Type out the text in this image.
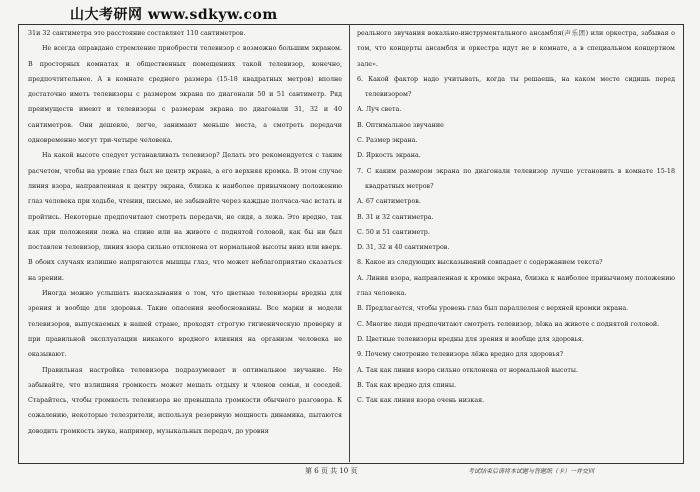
山大考研网 www.sdkyw.com

31и 32 сантиметра это расстояние составляет 110 сантиметров.

Не всегда оправдано стремление приобрести телевизор с возможно большим экраном. В просторных комнатах и общественных помещениях такой телевизор, конечно, предпочтительнее. А в комнате среднего размера (15-18 квадратных метров) вполне достаточно иметь телевизоры с размером экрана по диагонали 50 и 51 сантиметр. Ряд преимуществ имеют и телевизоры с размерам экрана по диагонали 31, 32 и 40 сантиметров. Они дешевле, легче, занимают меньше места, а смотреть передачи одновременно могут три-четыре человека.

На какой высоте следует устанавливать телевизор? Делать это рекомендуется с таким расчетом, чтобы на уровне глаз был не центр экрана, а его верхняя кромка. В этом случае линия взора, направленная к центру экрана, близка к наиболее привычному положению глаз человека при ходьбе, чтении, письме, не забывайте через каждые полчаса-час встать и пройтись. Некоторые предпочитают смотреть передачи, не сидя, а лежа. Это вредно, так как при положении лежа на спине или на животе с поднятой головой, как бы ни был поставлен телевизор, линия взора сильно отклонена от нормальной высоты вниз или вверх. В обоих случаях излишне напрягаются мышцы глаз, что может неблагоприятно сказаться на зрении.

Иногда можно услышать высказывания о том, что цветные телевизоры вредны для зрения и вообще для здоровья. Такие опасения необоснованны. Все марки и модели телевизоров, выпускаемых в нашей стране, проходят строгую гигиеническую проверку и при правильной эксплуатации никакого вредного влияния на организм человека не оказывают.

Правильная настройка телевизора подразумевает и оптимальное звучание. Не забывайте, что излишняя громкость может мешать отдыху и членов семьи, и соседей. Старайтесь, чтобы громкость телевизора не превышала громкости обычного разговора. К сожалению, некоторые телезрители, используя резервную мощность динамика, пытаются доводить громкость звука, например, музыкальных передач, до уровня

реального звучания вокально-инструментального ансамбля(声乐团) или оркестра, забывая о том, что концерты ансамбля и оркестра идут не в комнате, а в специальном концертном зале».

6. Какой фактор надо учитывать, когда ты решаешь, на каком месте сидишь перед телевизором?

А. Луч света.

В. Оптимальное звучание

С. Размер экрана.

D. Яркость экрана.

7. С каким размером экрана по диагонали телевизор лучше установить в комнате 15-18 квадратных метров?

А. 67 сантиметров.

В. 31 и 32 сантиметра.

С. 50 и 51 сантиметр.

D. 31, 32 и 40 сантиметров.

8. Какое из следующих высказываний совпадает с содержанием текста?

А. Линия взора, направленная к кромке экрана, близка к наиболее привычному положению глаз человека.

В. Предлагается, чтобы уровень глаз был параллелен с верхней кромки экрана.

С. Многие люди предпочитают смотреть телевизор, лёжа на животе с поднятой головой.

D. Цветные телевизоры вредны для зрения и вообще для здоровья.

9. Почему смотрение телевизора лёжа вредно для здоровья?

А. Так как линия взора сильно отклонена от нормальной высоты.

В. Так как вредно для спины.

С. Так как линия взора очень низкая.

第 6 页 共 10 页	考试结束后请将本试题与答题纸（卡）一并交回
